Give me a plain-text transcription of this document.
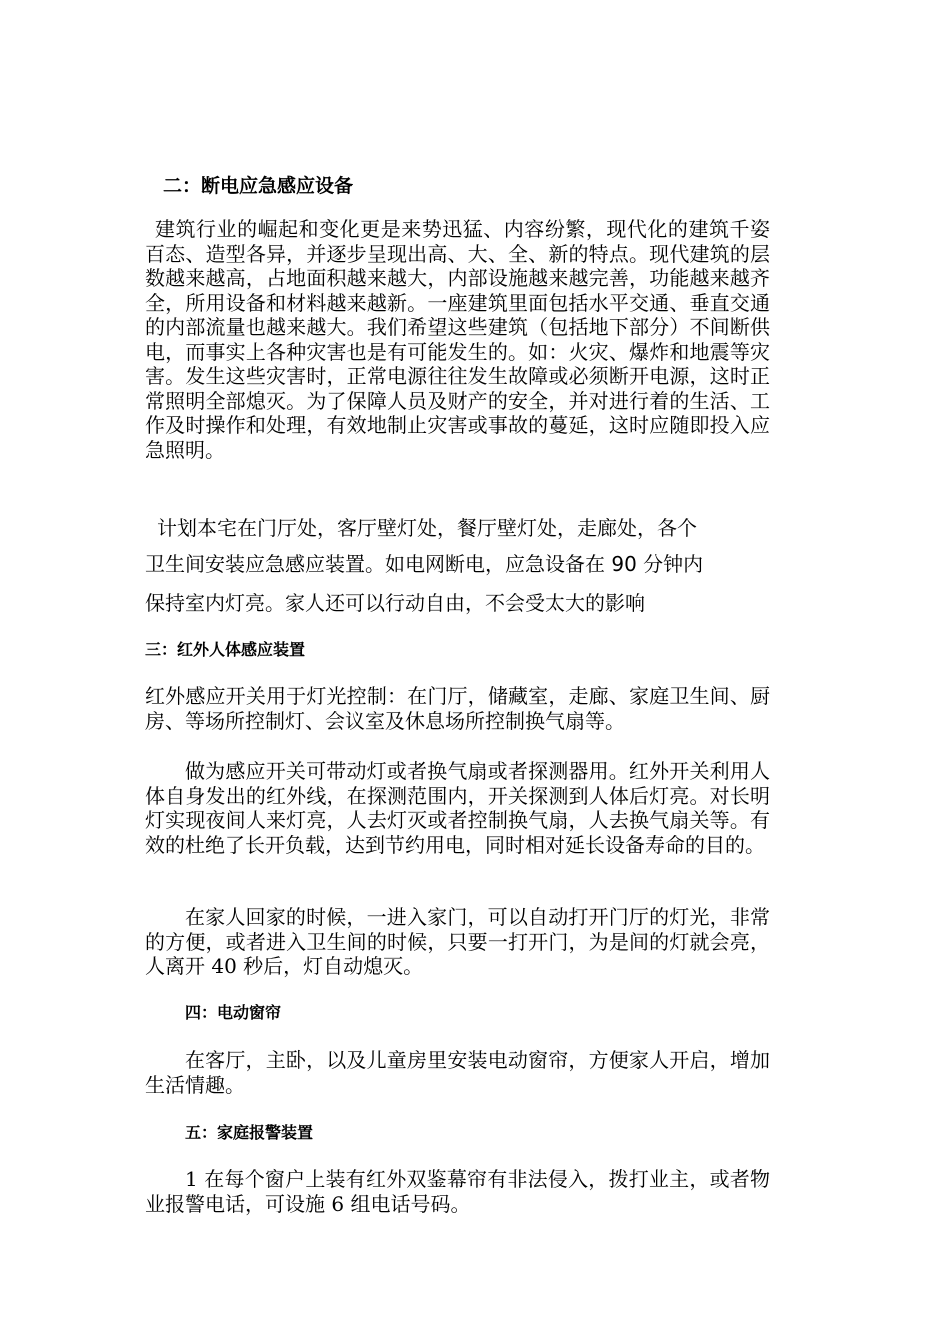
二：断电应急感应设备

建筑行业的崛起和变化更是来势迅猛、内容纷繁，现代化的建筑千姿百态、造型各异，并逐步呈现出高、大、全、新的特点。现代建筑的层数越来越高，占地面积越来越大，内部设施越来越完善，功能越来越齐全，所用设备和材料越来越新。一座建筑里面包括水平交通、垂直交通的内部流量也越来越大。我们希望这些建筑（包括地下部分）不间断供电，而事实上各种灾害也是有可能发生的。如：火灾、爆炸和地震等灾害。发生这些灾害时，正常电源往往发生故障或必须断开电源，这时正常照明全部熄灭。为了保障人员及财产的安全，并对进行着的生活、工作及时操作和处理，有效地制止灾害或事故的蔓延，这时应随即投入应急照明。

计划本宅在门厅处，客厅壁灯处，餐厅壁灯处，走廊处，各个

卫生间安装应急感应装置。如电网断电，应急设备在 90 分钟内

保持室内灯亮。家人还可以行动自由，不会受太大的影响

三：红外人体感应装置

红外感应开关用于灯光控制：在门厅，储藏室，走廊、家庭卫生间、厨房、等场所控制灯、会议室及休息场所控制换气扇等。

做为感应开关可带动灯或者换气扇或者探测器用。红外开关利用人体自身发出的红外线，在探测范围内，开关探测到人体后灯亮。对长明灯实现夜间人来灯亮，人去灯灭或者控制换气扇，人去换气扇关等。有效的杜绝了长开负载，达到节约用电，同时相对延长设备寿命的目的。

在家人回家的时候，一进入家门，可以自动打开门厅的灯光，非常的方便，或者进入卫生间的时候，只要一打开门，为是间的灯就会亮，人离开 40 秒后，灯自动熄灭。

四：电动窗帘

在客厅，主卧，以及儿童房里安装电动窗帘，方便家人开启，增加生活情趣。

五：家庭报警装置

1 在每个窗户上装有红外双鉴幕帘有非法侵入，拨打业主，或者物业报警电话，可设施 6 组电话号码。
